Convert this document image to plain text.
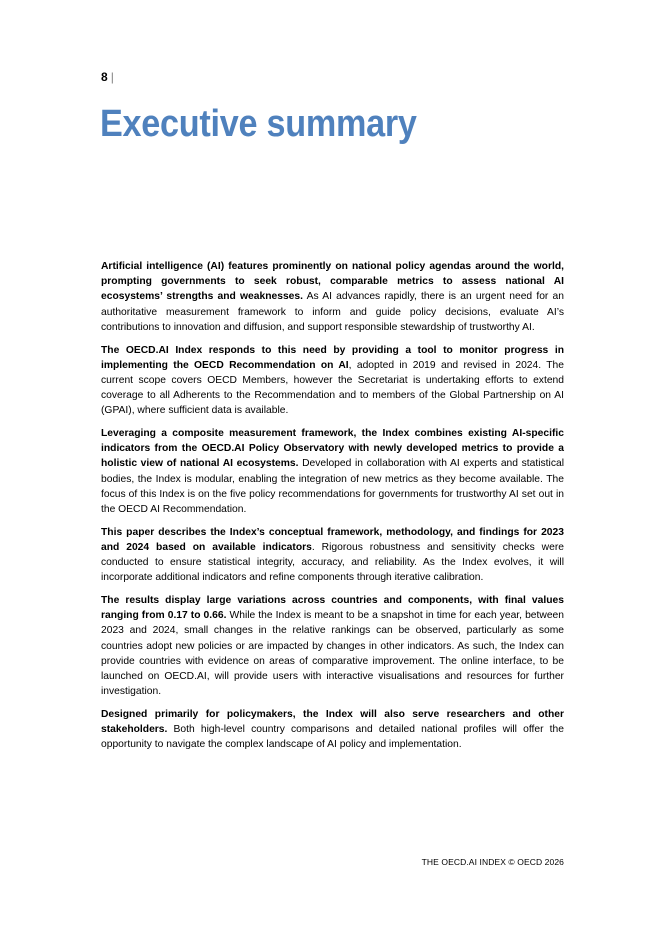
8 |
Executive summary

Artificial intelligence (AI) features prominently on national policy agendas around the world, prompting governments to seek robust, comparable metrics to assess national AI ecosystems’ strengths and weaknesses. As AI advances rapidly, there is an urgent need for an authoritative measurement framework to inform and guide policy decisions, evaluate AI’s contributions to innovation and diffusion, and support responsible stewardship of trustworthy AI.

The OECD.AI Index responds to this need by providing a tool to monitor progress in implementing the OECD Recommendation on AI, adopted in 2019 and revised in 2024. The current scope covers OECD Members, however the Secretariat is undertaking efforts to extend coverage to all Adherents to the Recommendation and to members of the Global Partnership on AI (GPAI), where sufficient data is available.

Leveraging a composite measurement framework, the Index combines existing AI-specific indicators from the OECD.AI Policy Observatory with newly developed metrics to provide a holistic view of national AI ecosystems. Developed in collaboration with AI experts and statistical bodies, the Index is modular, enabling the integration of new metrics as they become available. The focus of this Index is on the five policy recommendations for governments for trustworthy AI set out in the OECD AI Recommendation.

This paper describes the Index’s conceptual framework, methodology, and findings for 2023 and 2024 based on available indicators. Rigorous robustness and sensitivity checks were conducted to ensure statistical integrity, accuracy, and reliability. As the Index evolves, it will incorporate additional indicators and refine components through iterative calibration.

The results display large variations across countries and components, with final values ranging from 0.17 to 0.66. While the Index is meant to be a snapshot in time for each year, between 2023 and 2024, small changes in the relative rankings can be observed, particularly as some countries adopt new policies or are impacted by changes in other indicators. As such, the Index can provide countries with evidence on areas of comparative improvement. The online interface, to be launched on OECD.AI, will provide users with interactive visualisations and resources for further investigation.

Designed primarily for policymakers, the Index will also serve researchers and other stakeholders. Both high-level country comparisons and detailed national profiles will offer the opportunity to navigate the complex landscape of AI policy and implementation.

THE OECD.AI INDEX © OECD 2026
